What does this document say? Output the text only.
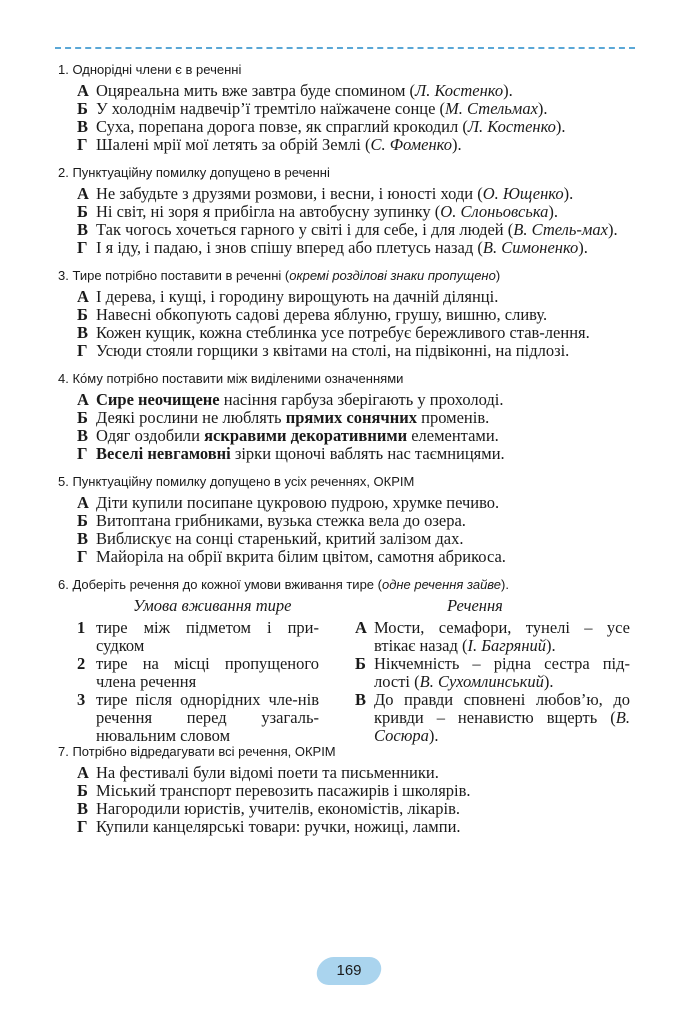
1. Однорідні члени є в реченні
А Оцяреальна мить вже завтра буде спомином (Л. Костенко).
Б У холоднім надвечір’ї тремтіло наїжачене сонце (М. Стельмах).
В Суха, порепана дорога повзе, як спраглий крокодил (Л. Костенко).
Г Шалені мрії мої летять за обрій Землі (С. Фоменко).
2. Пунктуаційну помилку допущено в реченні
А Не забудьте з друзями розмови, і весни, і юності ходи (О. Ющенко).
Б Ні світ, ні зоря я прибігла на автобусну зупинку (О. Слоньовська).
В Так чогось хочеться гарного у світі і для себе, і для людей (В. Стель-мах).
Г І я іду, і падаю, і знов спішу вперед або плетусь назад (В. Симоненко).
3. Тире потрібно поставити в реченні (окремі розділові знаки пропущено)
А І дерева, і кущі, і городину вирощують на дачній ділянці.
Б Навесні обкопують садові дерева яблуню, грушу, вишню, сливу.
В Кожен кущик, кожна стеблинка усе потребує бережливого став-лення.
Г Усюди стояли горщики з квітами на столі, на підвіконні, на підлозі.
4. Ко́му потрібно поставити між виділеними означеннями
А Сире неочищене насіння гарбуза зберігають у прохолоді.
Б Деякі рослини не люблять прямих сонячних променів.
В Одяг оздобили яскравими декоративними елементами.
Г Веселі невгамовні зірки щоночі ваблять нас таємницями.
5. Пунктуаційну помилку допущено в усіх реченнях, ОКРІМ
А Діти купили посипане цукровою пудрою, хрумке печиво.
Б Витоптана грибниками, вузька стежка вела до озера.
В Виблискує на сонці старенький, критий залізом дах.
Г Майоріла на обрії вкрита білим цвітом, самотня абрикоса.
6. Доберіть речення до кожної умови вживання тире (одне речення зайве).
Умова вживання тире	Речення
1 тире між підметом і при-судком
2 тире на місці пропущеного члена речення
3 тире після однорідних чле-нів речення перед узагаль-нювальним словом
А Мости, семафори, тунелі – усе втікає назад (І. Багряний).
Б Нікчемність – рідна сестра під-лості (В. Сухомлинський).
В До правди сповнені любов’ю, до кривди – ненавистю вщерть (В. Сосюра).
7. Потрібно відредагувати всі речення, ОКРІМ
А На фестивалі були відомі поети та письменники.
Б Міський транспорт перевозить пасажирів і школярів.
В Нагородили юристів, учителів, економістів, лікарів.
Г Купили канцелярські товари: ручки, ножиці, лампи.
169
